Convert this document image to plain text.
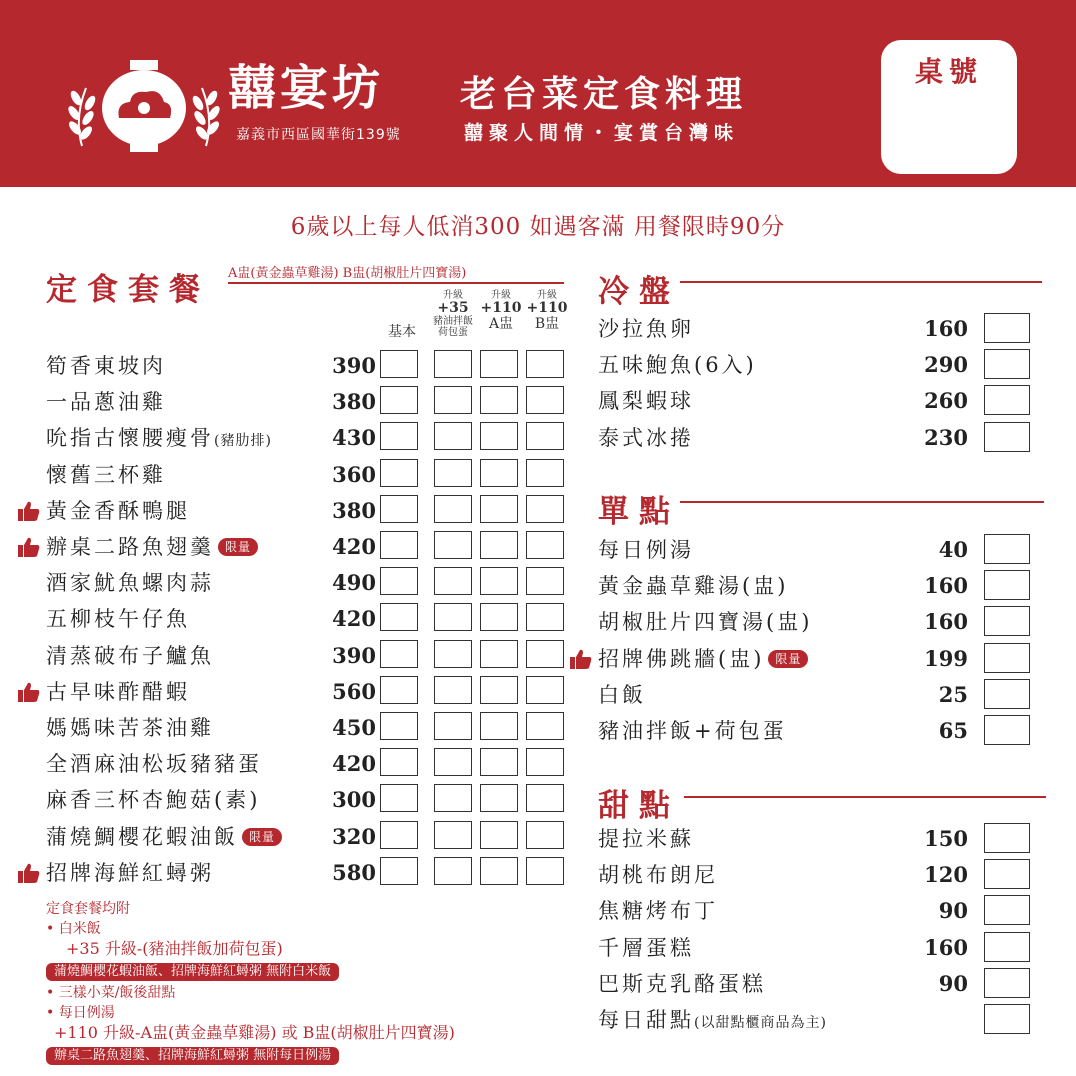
囍宴坊
嘉義市西區國華街139號
老台菜定食料理
囍聚人間情・宴賞台灣味
桌號
6歲以上每人低消300 如遇客滿 用餐限時90分
定食套餐 A盅(黃金蟲草雞湯) B盅(胡椒肚片四寶湯)
基本
升級
+35
豬油拌飯荷包蛋
升級
+110
A盅
升級
+110
B盅
筍香東坡肉	390
一品蔥油雞	380
吮指古懷腰瘦骨(豬肋排)	430
懷舊三杯雞	360
黃金香酥鴨腿	380
辦桌二路魚翅羹 限量	420
酒家魷魚螺肉蒜	490
五柳枝午仔魚	420
清蒸破布子鱸魚	390
古早味酢醋蝦	560
媽媽味苦茶油雞	450
全酒麻油松坂豬豬蛋	420
麻香三杯杏鮑菇(素)	300
蒲燒鯛櫻花蝦油飯 限量	320
招牌海鮮紅蟳粥	580
定食套餐均附
• 白米飯
+35 升級-(豬油拌飯加荷包蛋)
蒲燒鯛櫻花蝦油飯、招牌海鮮紅蟳粥 無附白米飯
• 三樣小菜/飯後甜點
• 每日例湯
+110 升級-A盅(黃金蟲草雞湯) 或 B盅(胡椒肚片四寶湯)
辦桌二路魚翅羹、招牌海鮮紅蟳粥 無附每日例湯
冷盤
沙拉魚卵	160
五味鮑魚(6入)	290
鳳梨蝦球	260
泰式冰捲	230
單點
每日例湯	40
黃金蟲草雞湯(盅)	160
胡椒肚片四寶湯(盅)	160
招牌佛跳牆(盅) 限量	199
白飯	25
豬油拌飯+荷包蛋	65
甜點
提拉米蘇	150
胡桃布朗尼	120
焦糖烤布丁	90
千層蛋糕	160
巴斯克乳酪蛋糕	90
每日甜點(以甜點櫃商品為主)
